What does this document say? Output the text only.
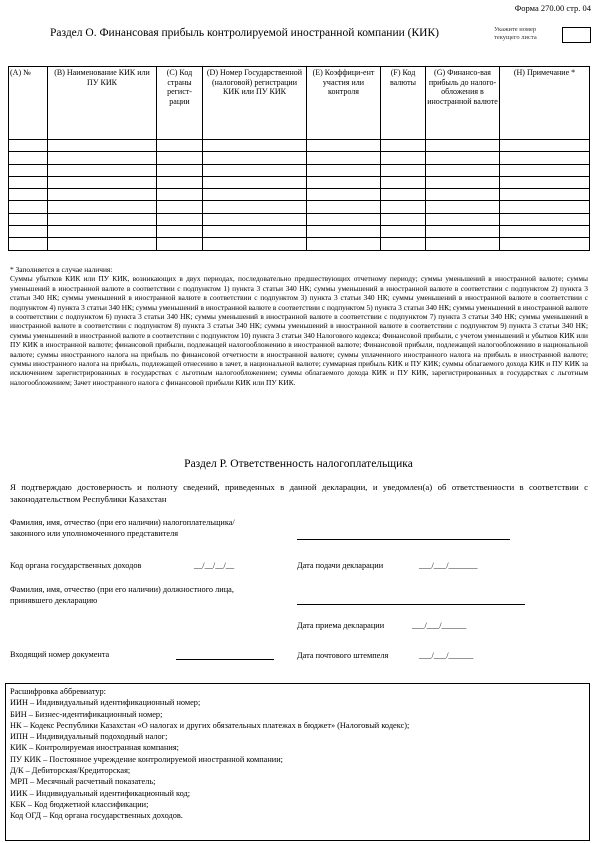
Форма 270.00 стр. 04
Раздел О. Финансовая прибыль контролируемой иностранной компании (КИК)	Укажите номер текущего листа
(A) №	(B) Наименование КИК или ПУ КИК	(C) Код страны регист-рации	(D) Номер Государственной (налоговой) регистрации КИК или ПУ КИК	(E) Коэффици-ент участия или контроля	(F) Код валюты	(G) Финансо-вая прибыль до налого-обложения в иностранной валюте	(H) Примечание *

* Заполняется в случае наличия:
Суммы убытков КИК или ПУ КИК, возникающих в двух периодах, последовательно предшествующих отчетному периоду; суммы уменьшений в иностранной валюте; суммы уменьшений в иностранной валюте в соответствии с подпунктом 1) пункта 3 статьи 340 НК; суммы уменьшений в иностранной валюте в соответствии с подпунктом 2) пункта 3 статьи 340 НК; суммы уменьшений в иностранной валюте в соответствии с подпунктом 3) пункта 3 статьи 340 НК; суммы уменьшений в иностранной валюте в соответствии с подпунктом 4) пункта 3 статьи 340 НК; суммы уменьшений в иностранной валюте в соответствии с подпунктом 5) пункта 3 статьи 340 НК; суммы уменьшений в иностранной валюте в соответствии с подпунктом 6) пункта 3 статьи 340 НК; суммы уменьшений в иностранной валюте в соответствии с подпунктом 7) пункта 3 статьи 340 НК; суммы уменьшений в иностранной валюте в соответствии с подпунктом 8) пункта 3 статьи 340 НК; суммы уменьшений в иностранной валюте в соответствии с подпунктом 9) пункта 3 статьи 340 НК; суммы уменьшений в иностранной валюте в соответствии с подпунктом 10) пункта 3 статьи 340 Налогового кодекса; Финансовой прибыли, с учетом уменьшений и убытков КИК или ПУ КИК в иностранной валюте; финансовой прибыли, подлежащей налогообложению в иностранной валюте; Финансовой прибыли, подлежащей налогообложению в национальной валюте; суммы иностранного налога на прибыль по финансовой отчетности в иностранной валюте; суммы уплаченного иностранного налога на прибыль в иностранной валюте; суммы иностранного налога на прибыль, подлежащей отнесению в зачет, в национальной валюте; суммарная прибыль КИК и ПУ КИК; суммы облагаемого дохода КИК и ПУ КИК за исключением зарегистрированных в государствах с льготным налогообложением; суммы облагаемого дохода КИК и ПУ КИК, зарегистрированных в государствах с льготным налогообложением; Зачет иностранного налога с финансовой прибыли КИК или ПУ КИК.
Раздел Р. Ответственность налогоплательщика
Я подтверждаю достоверность и полноту сведений, приведенных в данной декларации, и уведомлен(а) об ответственности в соответствии с законодательством Республики Казахстан
Фамилия, имя, отчество (при его наличии) налогоплательщика/законного или уполномоченного представителя
Код органа государственных доходов	__/__/__/__	Дата подачи декларации	___/___/_______
Фамилия, имя, отчество (при его наличии) должностного лица, принявшего декларацию
Дата приема декларации	___/___/______
Входящий номер документа	Дата почтового штемпеля	___/___/______
Расшифровка аббревиатур:
ИИН – Индивидуальный идентификационный номер;
БИН – Бизнес-идентификационный номер;
НК – Кодекс Республики Казахстан «О налогах и других обязательных платежах в бюджет» (Налоговый кодекс);
ИПН – Индивидуальный подоходный налог;
КИК – Контролируемая иностранная компания;
ПУ КИК – Постоянное учреждение контролируемой иностранной компании;
Д/К – Дебиторская/Кредиторская;
МРП – Месячный расчетный показатель;
ИИК – Индивидуальный идентификационный код;
КБК – Код бюджетной классификации;
Код ОГД – Код органа государственных доходов.
